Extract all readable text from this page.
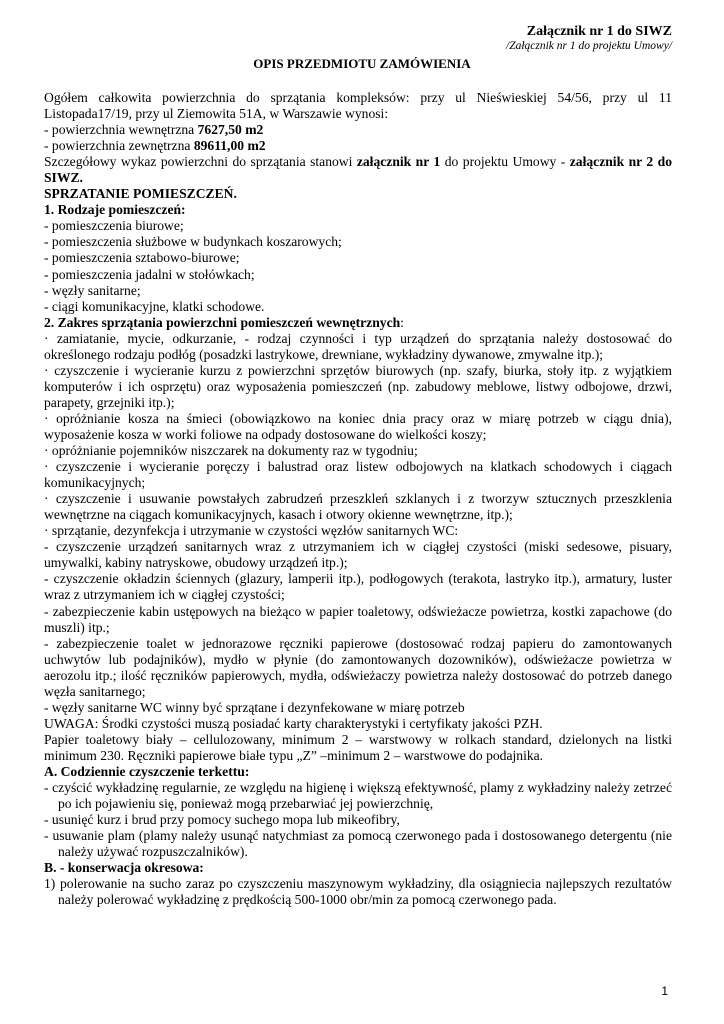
Załącznik nr 1 do SIWZ
/Załącznik nr 1 do projektu Umowy/
OPIS PRZEDMIOTU ZAMÓWIENIA

Ogółem całkowita powierzchnia do sprzątania kompleksów: przy ul Nieświeskiej 54/56, przy ul 11 Listopada17/19, przy ul Ziemowita 51A, w Warszawie wynosi:

- powierzchnia wewnętrzna 7627,50 m2

- powierzchnia zewnętrzna 89611,00 m2

Szczegółowy wykaz powierzchni do sprzątania stanowi załącznik nr 1 do projektu Umowy - załącznik nr 2 do SIWZ.

SPRZATANIE POMIESZCZEŃ.

1. Rodzaje pomieszczeń:

- pomieszczenia biurowe;

- pomieszczenia służbowe w budynkach koszarowych;

- pomieszczenia sztabowo-biurowe;

- pomieszczenia jadalni w stołówkach;

- węzły sanitarne;

- ciągi komunikacyjne, klatki schodowe.

2. Zakres sprzątania powierzchni pomieszczeń wewnętrznych:

· zamiatanie, mycie, odkurzanie, - rodzaj czynności i typ urządzeń do sprzątania należy dostosować do określonego rodzaju podłóg (posadzki lastrykowe, drewniane, wykładziny dywanowe, zmywalne itp.);

· czyszczenie i wycieranie kurzu z powierzchni sprzętów biurowych (np. szafy, biurka, stoły itp. z wyjątkiem komputerów i ich osprzętu) oraz wyposażenia pomieszczeń (np. zabudowy meblowe, listwy odbojowe, drzwi, parapety, grzejniki itp.);

· opróżnianie kosza na śmieci (obowiązkowo na koniec dnia pracy oraz w miarę potrzeb w ciągu dnia), wyposażenie kosza w worki foliowe na odpady dostosowane do wielkości koszy;

· opróżnianie pojemników niszczarek na dokumenty raz w tygodniu;

· czyszczenie i wycieranie poręczy i balustrad oraz listew odbojowych na klatkach schodowych i ciągach komunikacyjnych;

· czyszczenie i usuwanie powstałych zabrudzeń przeszkleń szklanych i z tworzyw sztucznych przeszklenia wewnętrzne na ciągach komunikacyjnych, kasach i otwory okienne wewnętrzne, itp.);

· sprzątanie, dezynfekcja i utrzymanie w czystości węzłów sanitarnych WC:

- czyszczenie urządzeń sanitarnych wraz z utrzymaniem ich w ciągłej czystości (miski sedesowe, pisuary, umywalki, kabiny natryskowe, obudowy urządzeń itp.);

- czyszczenie okładzin ściennych (glazury, lamperii itp.), podłogowych (terakota, lastryko itp.), armatury, luster wraz z utrzymaniem ich w ciągłej czystości;

- zabezpieczenie kabin ustępowych na bieżąco w papier toaletowy, odświeżacze powietrza, kostki zapachowe (do muszli) itp.;

- zabezpieczenie toalet w jednorazowe ręczniki papierowe (dostosować rodzaj papieru do zamontowanych uchwytów lub podajników), mydło w płynie (do zamontowanych dozowników), odświeżacze powietrza w aerozolu itp.; ilość ręczników papierowych, mydła, odświeżaczy powietrza należy dostosować do potrzeb danego węzła sanitarnego;

- węzły sanitarne WC winny być sprzątane i dezynfekowane w miarę potrzeb

UWAGA: Środki czystości muszą posiadać karty charakterystyki i certyfikaty jakości PZH.

Papier toaletowy biały – cellulozowany, minimum 2 – warstwowy w rolkach standard, dzielonych na listki minimum 230. Ręczniki papierowe białe typu „Z” –minimum 2 – warstwowe do podajnika.

A. Codziennie czyszczenie terkettu:

- czyścić wykładzinę regularnie, ze względu na higienę i większą efektywność, plamy z wykładziny należy zetrzeć po ich pojawieniu się, ponieważ mogą przebarwiać jej powierzchnię,

- usunięć kurz i brud przy pomocy suchego mopa lub mikeofibry,

- usuwanie plam (plamy należy usunąć natychmiast za pomocą czerwonego pada i dostosowanego detergentu (nie należy używać rozpuszczalników).

B. - konserwacja okresowa:

1) polerowanie na sucho zaraz po czyszczeniu maszynowym wykładziny, dla osiągniecia najlepszych rezultatów należy polerować wykładzinę z prędkością 500-1000 obr/min za pomocą czerwonego pada.

1
